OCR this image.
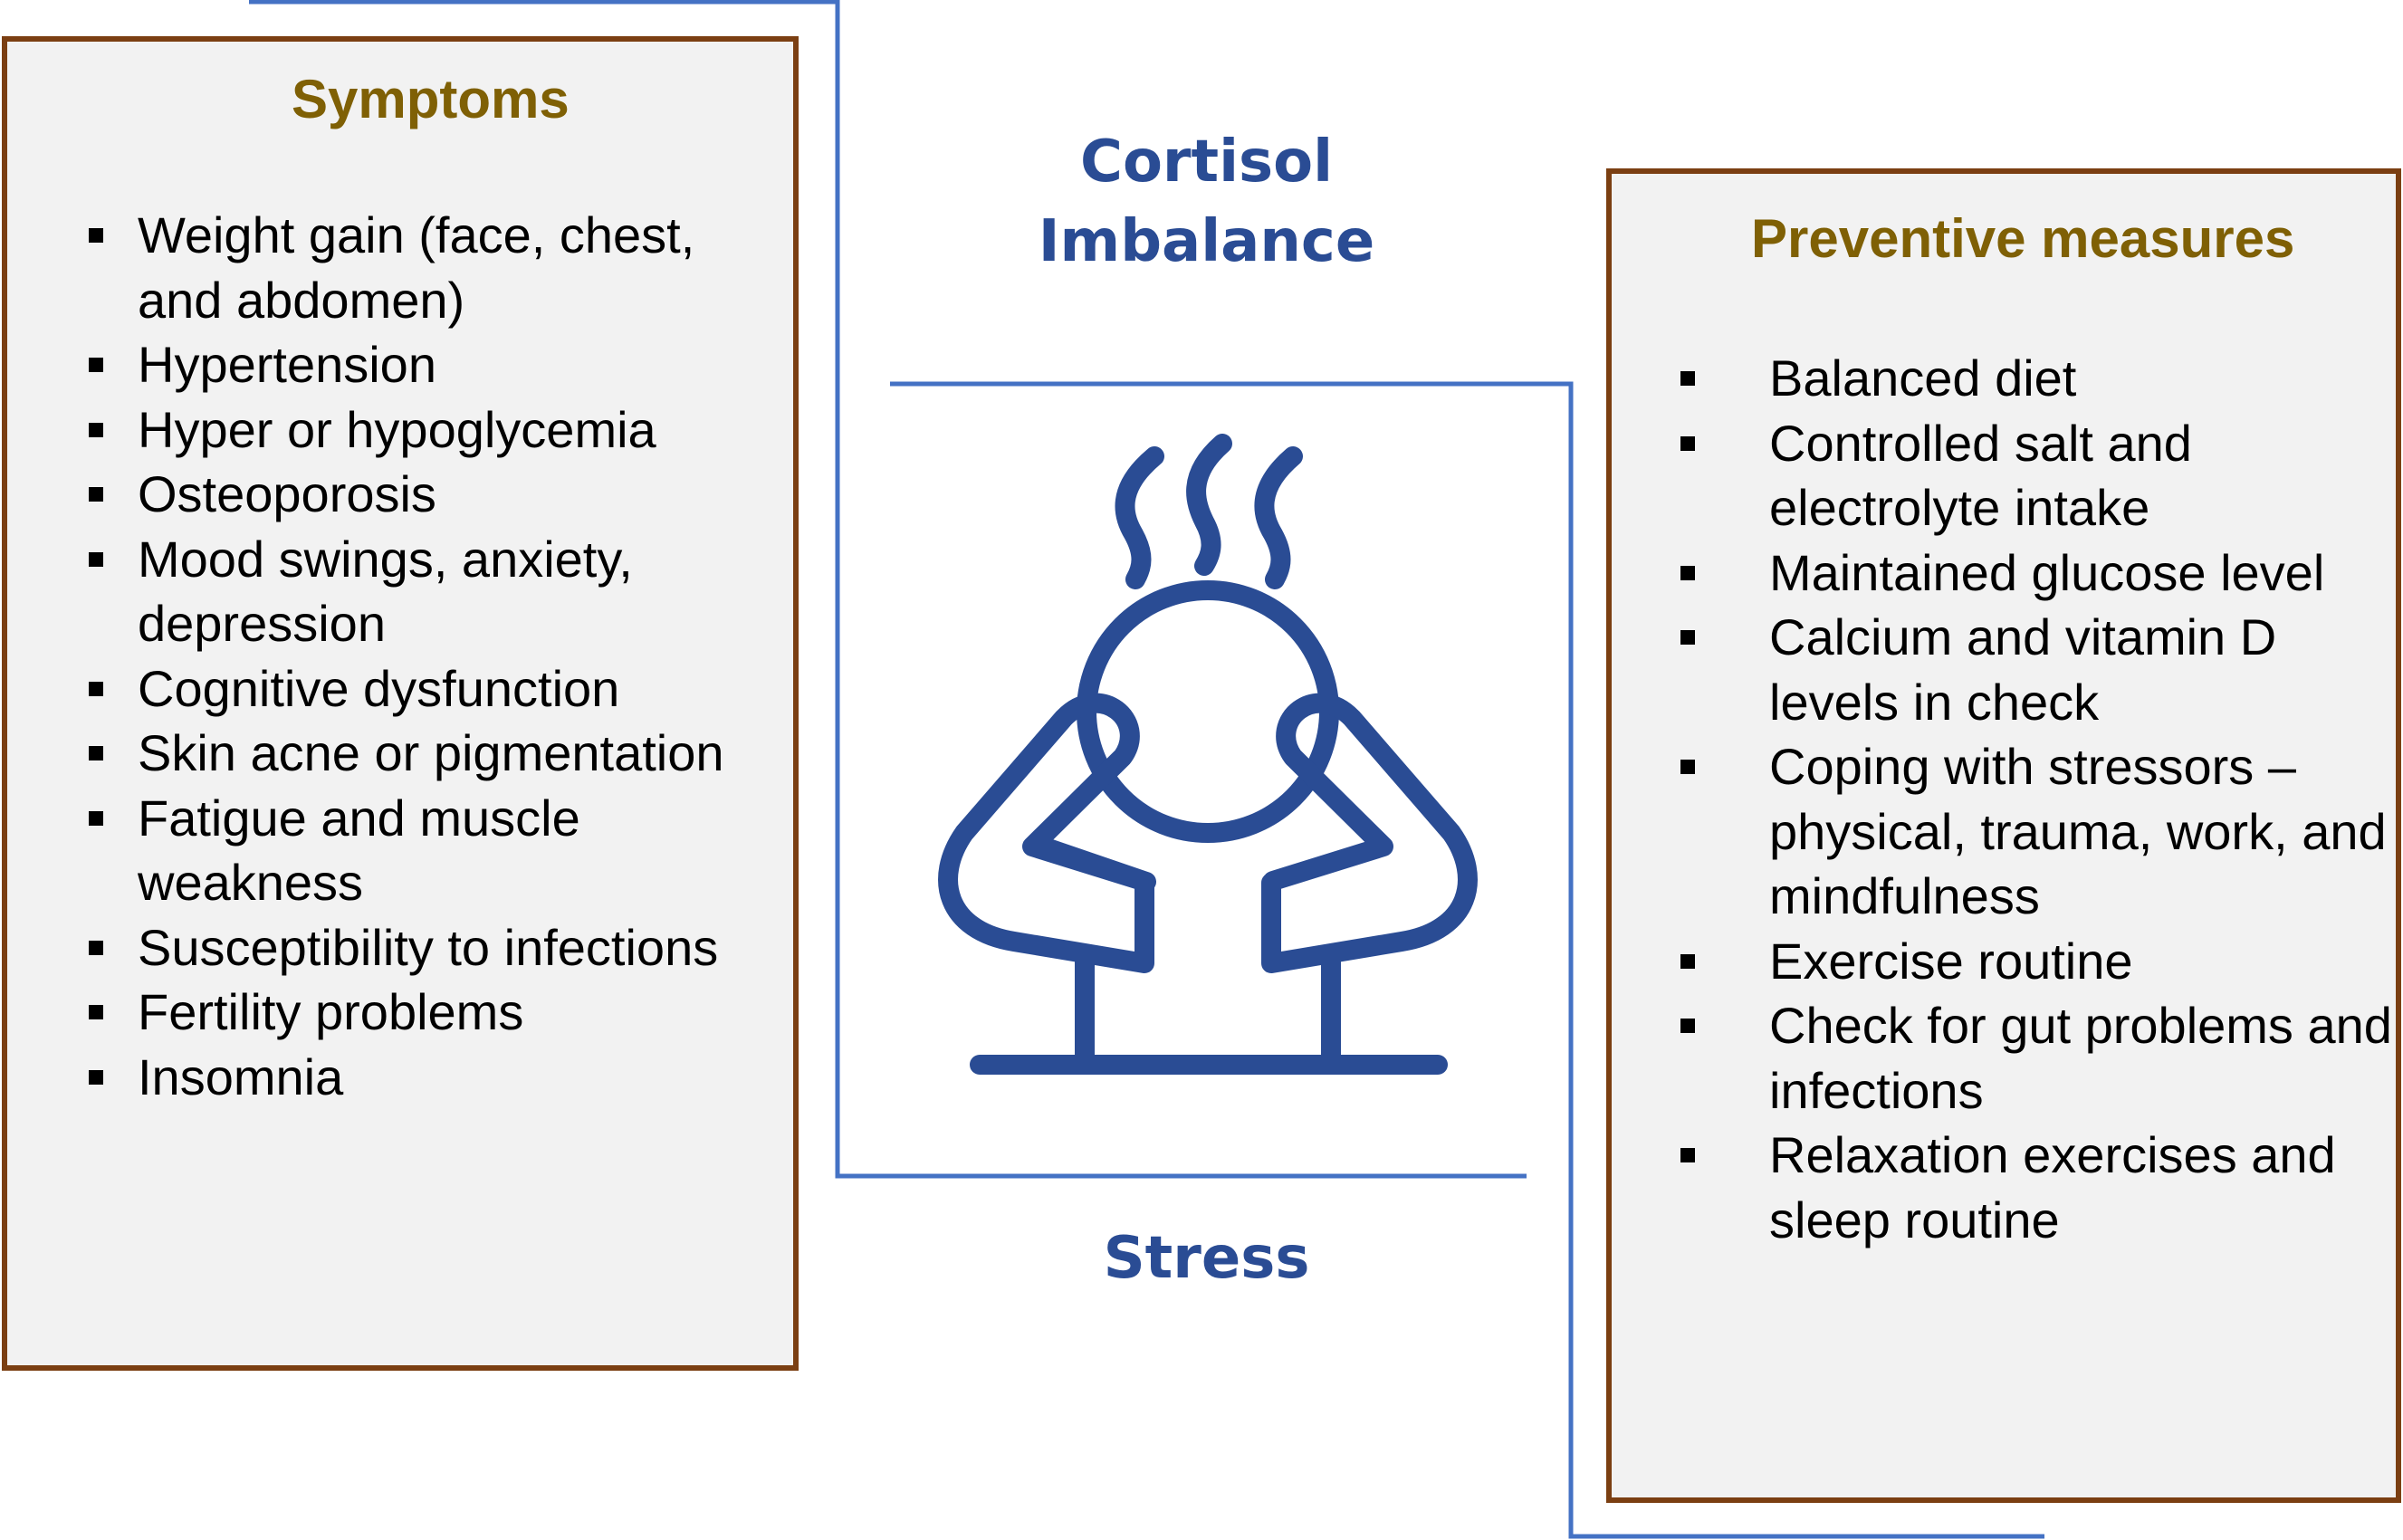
Symptoms
Weight gain (face, chest, and abdomen)
Hypertension
Hyper or hypoglycemia
Osteoporosis
Mood swings, anxiety, depression
Cognitive dysfunction
Skin acne or pigmentation
Fatigue and muscle weakness
Susceptibility to infections
Fertility problems
Insomnia
Cortisol
Imbalance
Stress
Preventive measures
Balanced diet
Controlled salt and electrolyte intake
Maintained glucose level
Calcium and vitamin D levels in check
Coping with stressors – physical, trauma, work, and mindfulness
Exercise routine
Check for gut problems and infections
Relaxation exercises and sleep routine
